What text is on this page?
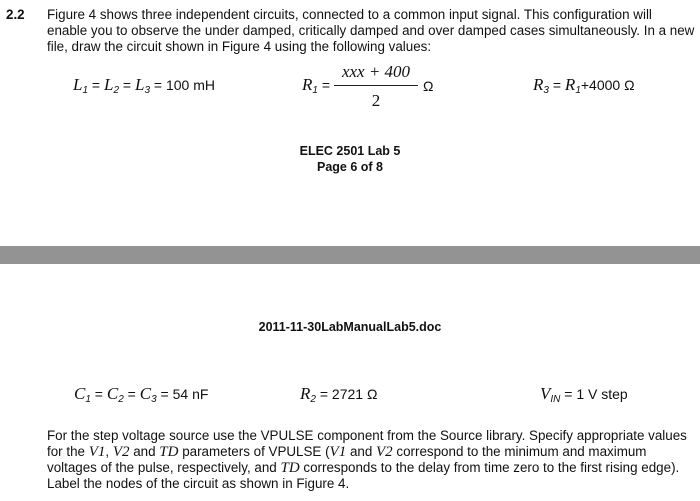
2.2 Figure 4 shows three independent circuits, connected to a common input signal. This configuration will enable you to observe the under damped, critically damped and over damped cases simultaneously. In a new file, draw the circuit shown in Figure 4 using the following values:
$L_1 = L_2 = L_3 = 100$ mH	$R_1$ =
xxx + 400
2
Ω	$R_3 = R_1+4000$ Ω
ELEC 2501 Lab 5
Page 6 of 8
2011-11-30LabManualLab5.doc
$C_1 = C_2 = C_3 = 54$ nF	$R_2 = 2721$ Ω	$V_{IN} = 1$ V step
For the step voltage source use the VPULSE component from the Source library. Specify appropriate values for the V1, V2 and TD parameters of VPULSE (V1 and V2 correspond to the minimum and maximum voltages of the pulse, respectively, and TD corresponds to the delay from time zero to the first rising edge). Label the nodes of the circuit as shown in Figure 4.
